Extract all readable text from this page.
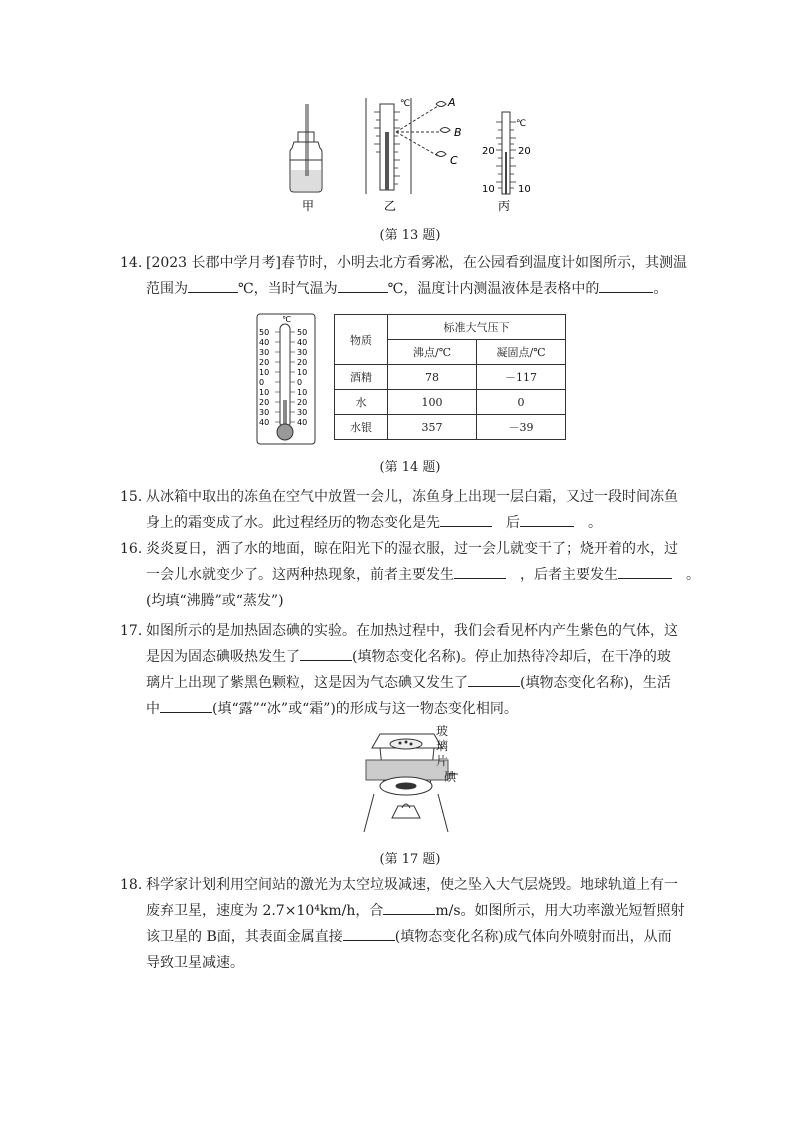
甲
℃	A
B
C
乙
℃
20 20
10 10
丙
(第 13 题)
14. [2023 长郡中学月考]春节时，小明去北方看雾凇，在公园看到温度计如图所示，其测温
范围为	℃，当时气温为	℃，温度计内测温液体是表格中的	。
℃
50	50
40	40
30	30
20	20
10	10
0	0
10	10
20	20
30	30
40	40
物质	标准大气压下	
	沸点/℃	凝固点/℃
酒精	78	－117
水	100	0
水银	357	－39
(第 14 题)
15. 从冰箱中取出的冻鱼在空气中放置一会儿，冻鱼身上出现一层白霜，又过一段时间冻鱼
身上的霜变成了水。此过程经历的物态变化是先	后	。
16. 炎炎夏日，洒了水的地面，晾在阳光下的湿衣服，过一会儿就变干了；烧开着的水，过
一会儿水就变少了。这两种热现象，前者主要发生	，后者主要发生	。
(均填“沸腾”或“蒸发”)
17. 如图所示的是加热固态碘的实验。在加热过程中，我们会看见杯内产生紫色的气体，这
是因为固态碘吸热发生了	(填物态变化名称)。停止加热待冷却后，在干净的玻
璃片上出现了紫黑色颗粒，这是因为气态碘又发生了	(填物态变化名称)，生活
中	(填“露”“冰”或“霜”)的形成与这一物态变化相同。
玻
璃
片
碘
(第 17 题)
18. 科学家计划利用空间站的激光为太空垃圾减速，使之坠入大气层烧毁。地球轨道上有一
废弃卫星，速度为 2.7×10⁴km/h，合	m/s。如图所示，用大功率激光短暂照射
该卫星的 B面，其表面金属直接	(填物态变化名称)成气体向外喷射而出，从而
导致卫星减速。
